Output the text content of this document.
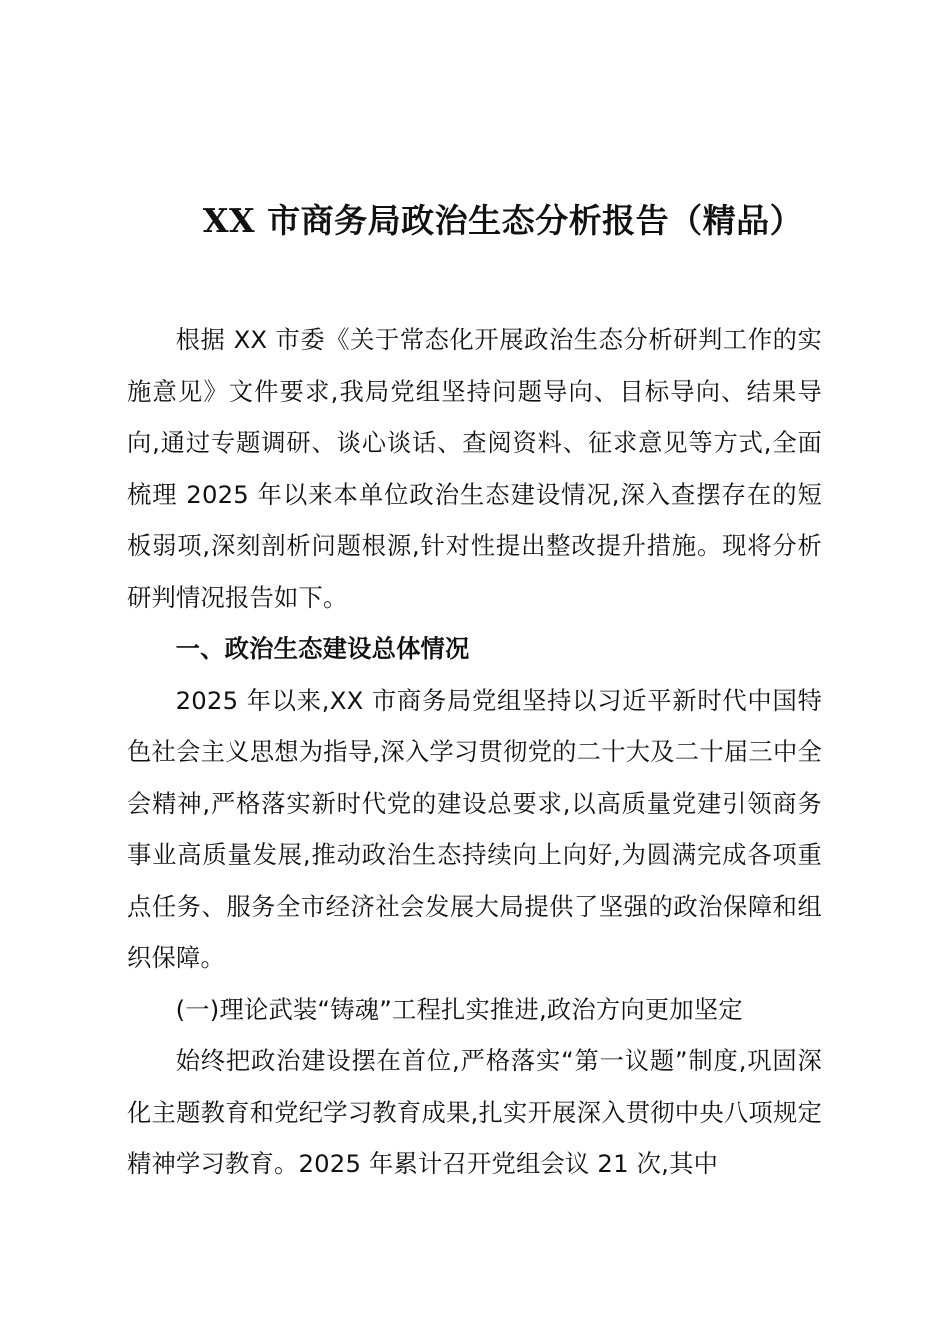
XX 市商务局政治生态分析报告（精品）

根据 XX 市委《关于常态化开展政治生态分析研判工作的实施意见》文件要求,我局党组坚持问题导向、目标导向、结果导向,通过专题调研、谈心谈话、查阅资料、征求意见等方式,全面梳理 2025 年以来本单位政治生态建设情况,深入查摆存在的短板弱项,深刻剖析问题根源,针对性提出整改提升措施。现将分析研判情况报告如下。

一、政治生态建设总体情况

2025 年以来,XX 市商务局党组坚持以习近平新时代中国特色社会主义思想为指导,深入学习贯彻党的二十大及二十届三中全会精神,严格落实新时代党的建设总要求,以高质量党建引领商务事业高质量发展,推动政治生态持续向上向好,为圆满完成各项重点任务、服务全市经济社会发展大局提供了坚强的政治保障和组织保障。

(一)理论武装“铸魂”工程扎实推进,政治方向更加坚定

始终把政治建设摆在首位,严格落实“第一议题”制度,巩固深化主题教育和党纪学习教育成果,扎实开展深入贯彻中央八项规定精神学习教育。2025 年累计召开党组会议 21 次,其中
